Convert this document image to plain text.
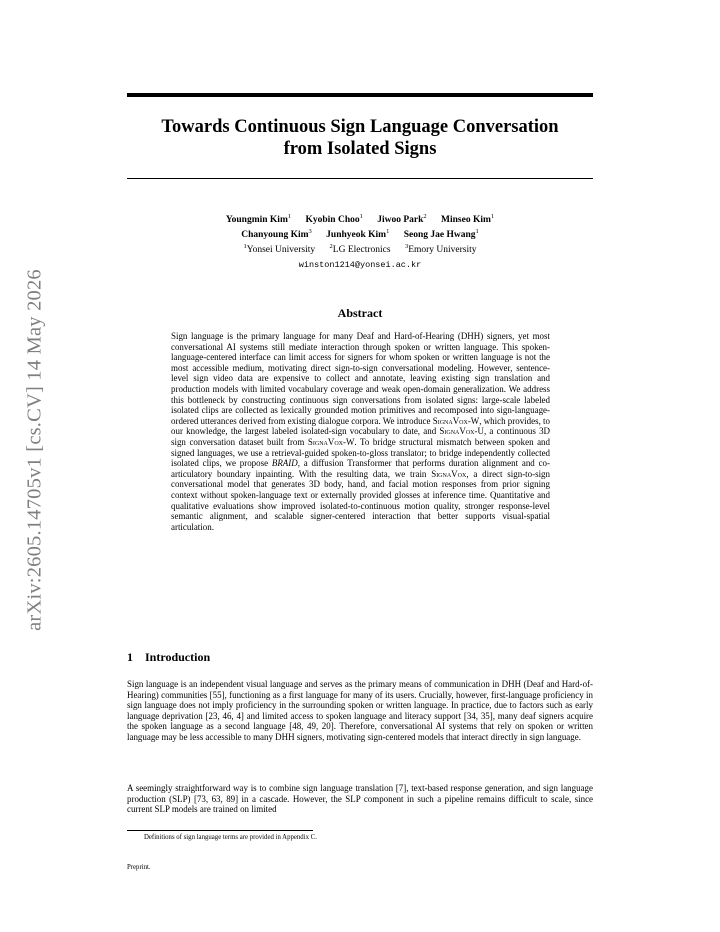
arXiv:2605.14705v1 [cs.CV] 14 May 2026
Towards Continuous Sign Language Conversation
from Isolated Signs
Youngmin Kim$^1$ Kyobin Choo$^1$ Jiwoo Park$^2$ Minseo Kim$^1$
Chanyoung Kim$^3$ Junhyeok Kim$^1$ Seong Jae Hwang$^1$
$^1$Yonsei University $^2$LG Electronics $^3$Emory University
winston1214@yonsei.ac.kr
Abstract
Sign language is the primary language for many Deaf and Hard-of-Hearing (DHH) signers, yet most conversational AI systems still mediate interaction through spoken or written language. This spoken-language-centered interface can limit access for signers for whom spoken or written language is not the most accessible medium, motivating direct sign-to-sign conversational modeling. However, sentence-level sign video data are expensive to collect and annotate, leaving existing sign translation and production models with limited vocabulary coverage and weak open-domain generalization. We address this bottleneck by constructing continuous sign conversations from isolated signs: large-scale labeled isolated clips are collected as lexically grounded motion primitives and recomposed into sign-language-ordered utterances derived from existing dialogue corpora. We introduce SignaVox-W, which provides, to our knowledge, the largest labeled isolated-sign vocabulary to date, and SignaVox-U, a continuous 3D sign conversation dataset built from SignaVox-W. To bridge structural mismatch between spoken and signed languages, we use a retrieval-guided spoken-to-gloss translator; to bridge independently collected isolated clips, we propose BRAID, a diffusion Transformer that performs duration alignment and co-articulatory boundary inpainting. With the resulting data, we train SignaVox, a direct sign-to-sign conversational model that generates 3D body, hand, and facial motion responses from prior signing context without spoken-language text or externally provided glosses at inference time. Quantitative and qualitative evaluations show improved isolated-to-continuous motion quality, stronger response-level semantic alignment, and scalable signer-centered interaction that better supports visual-spatial articulation.
1 Introduction
Sign language is an independent visual language and serves as the primary means of communication in DHH (Deaf and Hard-of-Hearing) communities [55], functioning as a first language for many of its users. Crucially, however, first-language proficiency in sign language does not imply proficiency in the surrounding spoken or written language. In practice, due to factors such as early language deprivation [23, 46, 4] and limited access to spoken language and literacy support [34, 35], many deaf signers acquire the spoken language as a second language [48, 49, 20]. Therefore, conversational AI systems that rely on spoken or written language may be less accessible to many DHH signers, motivating sign-centered models that interact directly in sign language.
A seemingly straightforward way is to combine sign language translation [7], text-based response generation, and sign language production (SLP) [73, 63, 89] in a cascade. However, the SLP component in such a pipeline remains difficult to scale, since current SLP models are trained on limited
Definitions of sign language terms are provided in Appendix C.
Preprint.
